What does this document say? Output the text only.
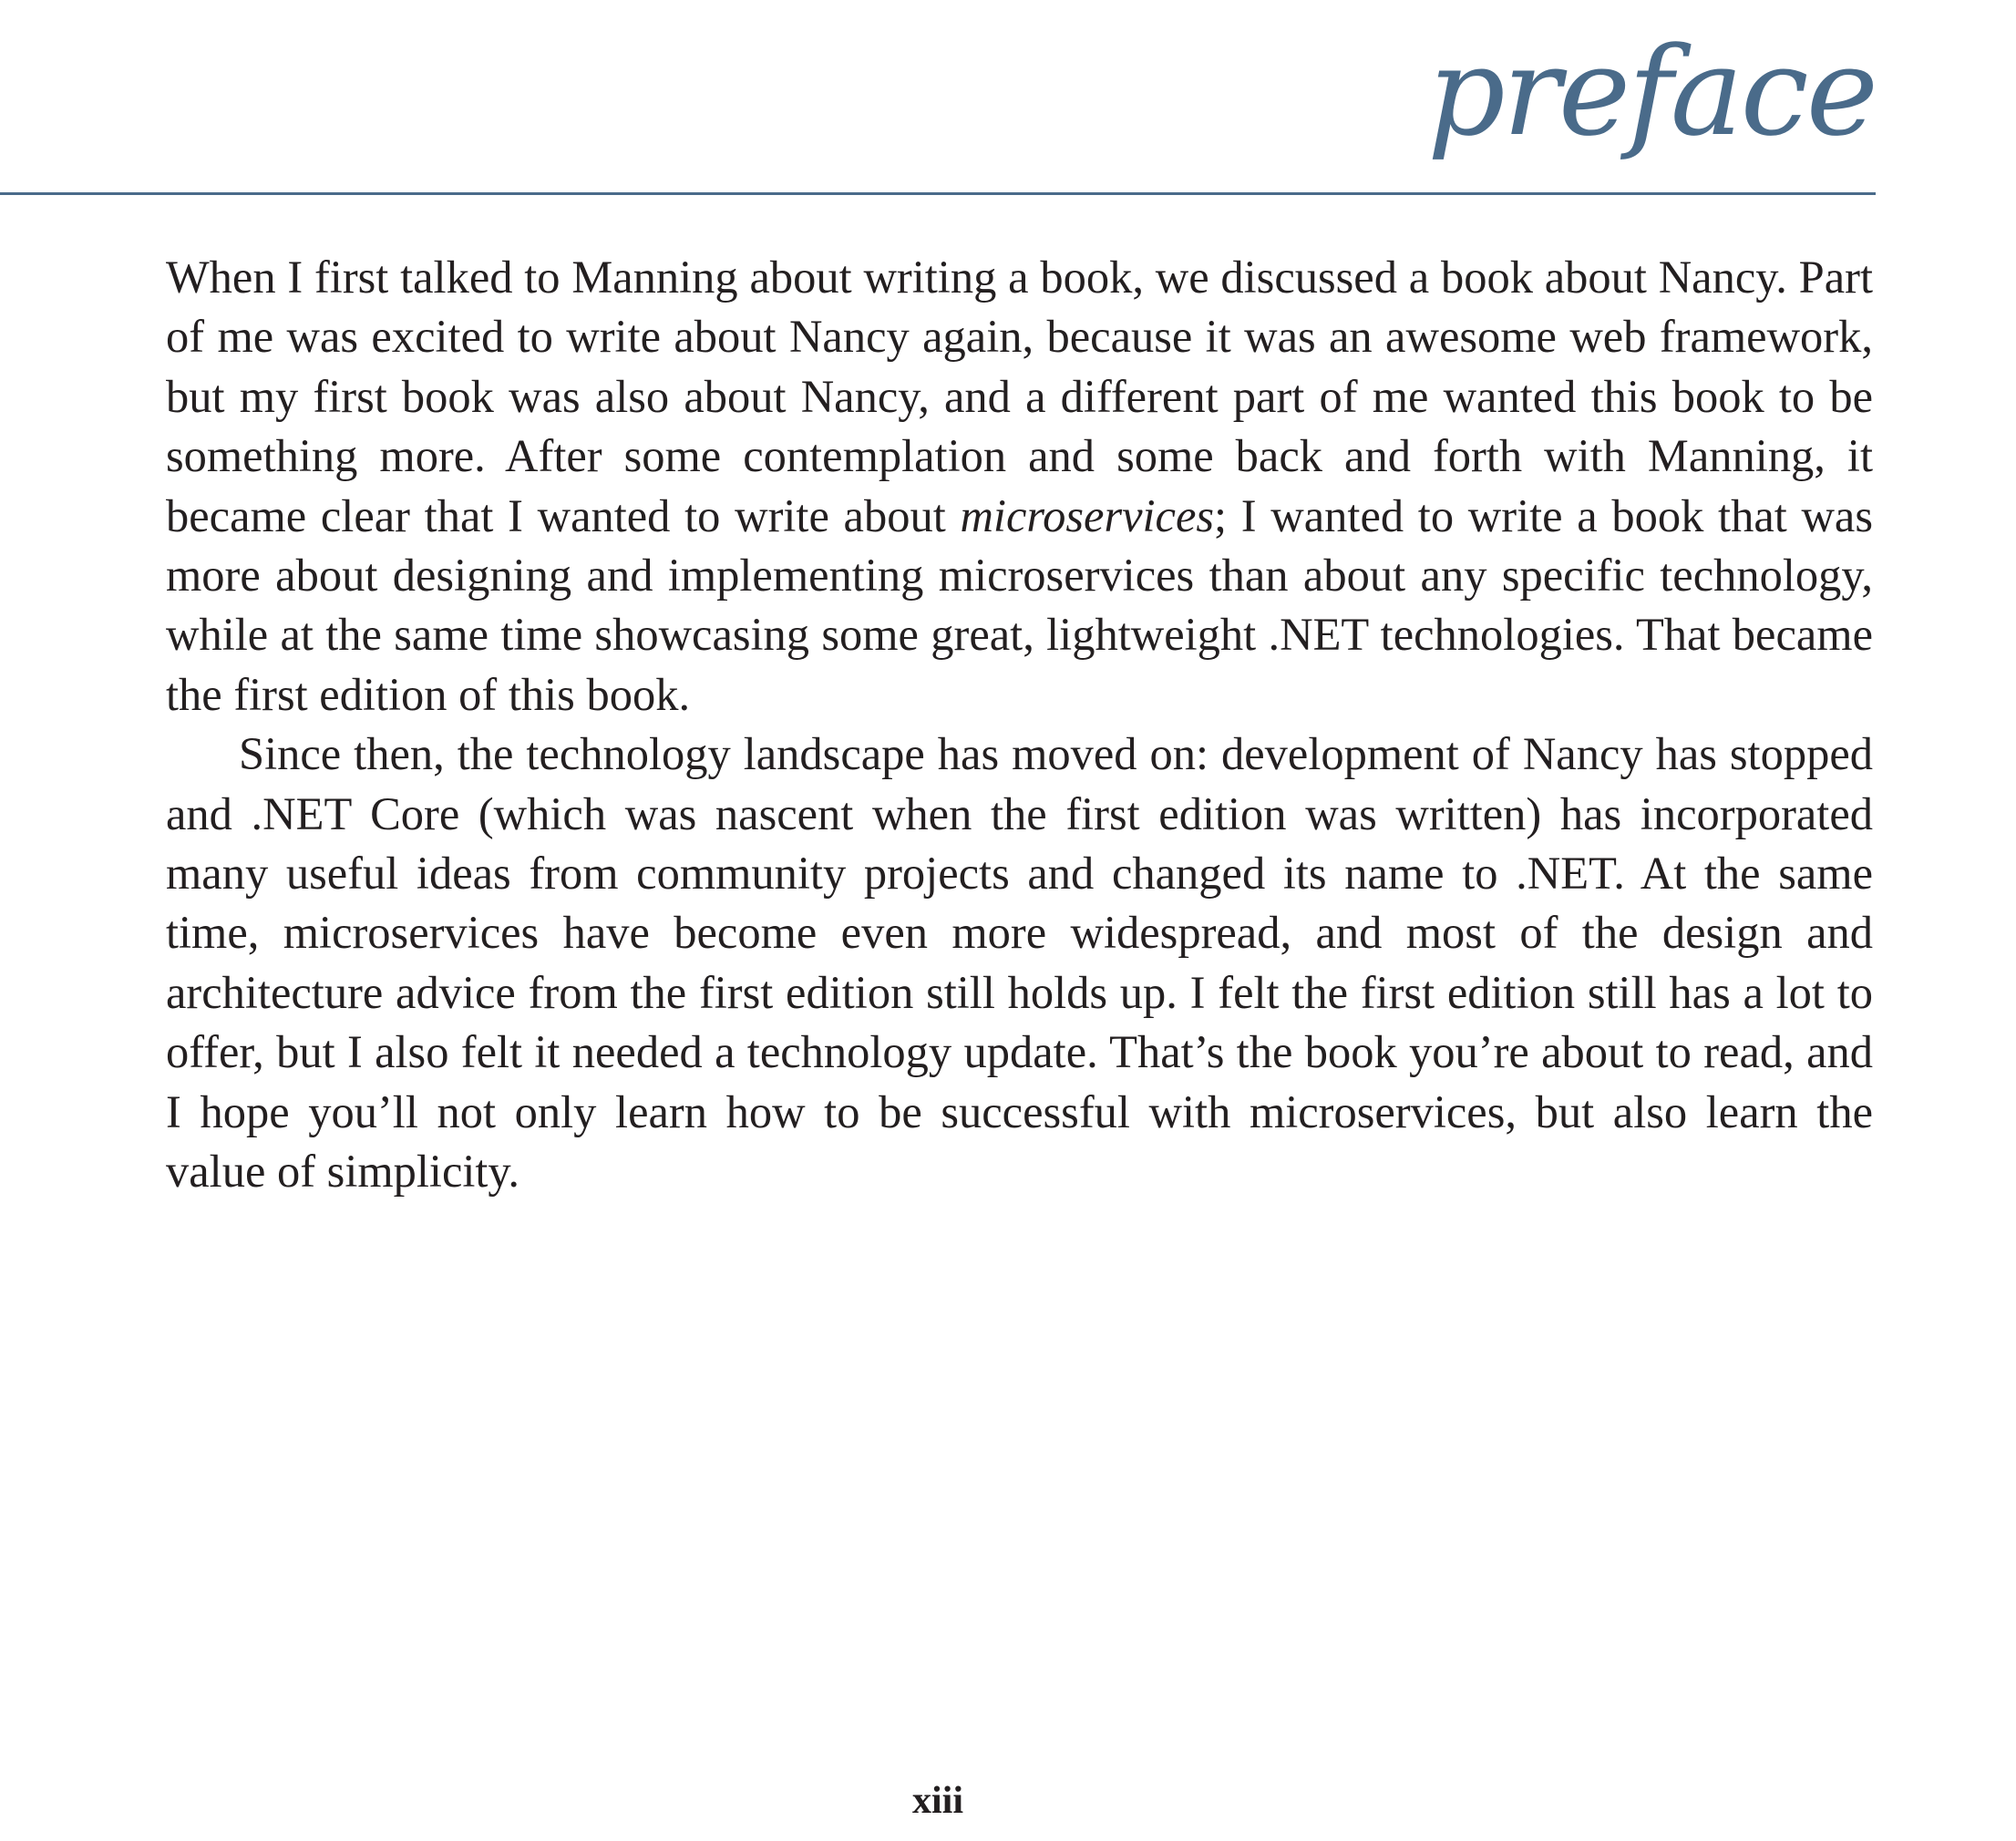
preface

When I first talked to Manning about writing a book, we discussed a book about Nancy. Part of me was excited to write about Nancy again, because it was an awesome web framework, but my first book was also about Nancy, and a different part of me wanted this book to be something more. After some contemplation and some back and forth with Manning, it became clear that I wanted to write about microservices; I wanted to write a book that was more about designing and implementing microservices than about any specific technology, while at the same time showcasing some great, lightweight .NET technologies. That became the first edition of this book.

Since then, the technology landscape has moved on: development of Nancy has stopped and .NET Core (which was nascent when the first edition was written) has incorporated many useful ideas from community projects and changed its name to .NET. At the same time, microservices have become even more widespread, and most of the design and architecture advice from the first edition still holds up. I felt the first edition still has a lot to offer, but I also felt it needed a technology update. That’s the book you’re about to read, and I hope you’ll not only learn how to be successful with microservices, but also learn the value of simplicity.

xiii
